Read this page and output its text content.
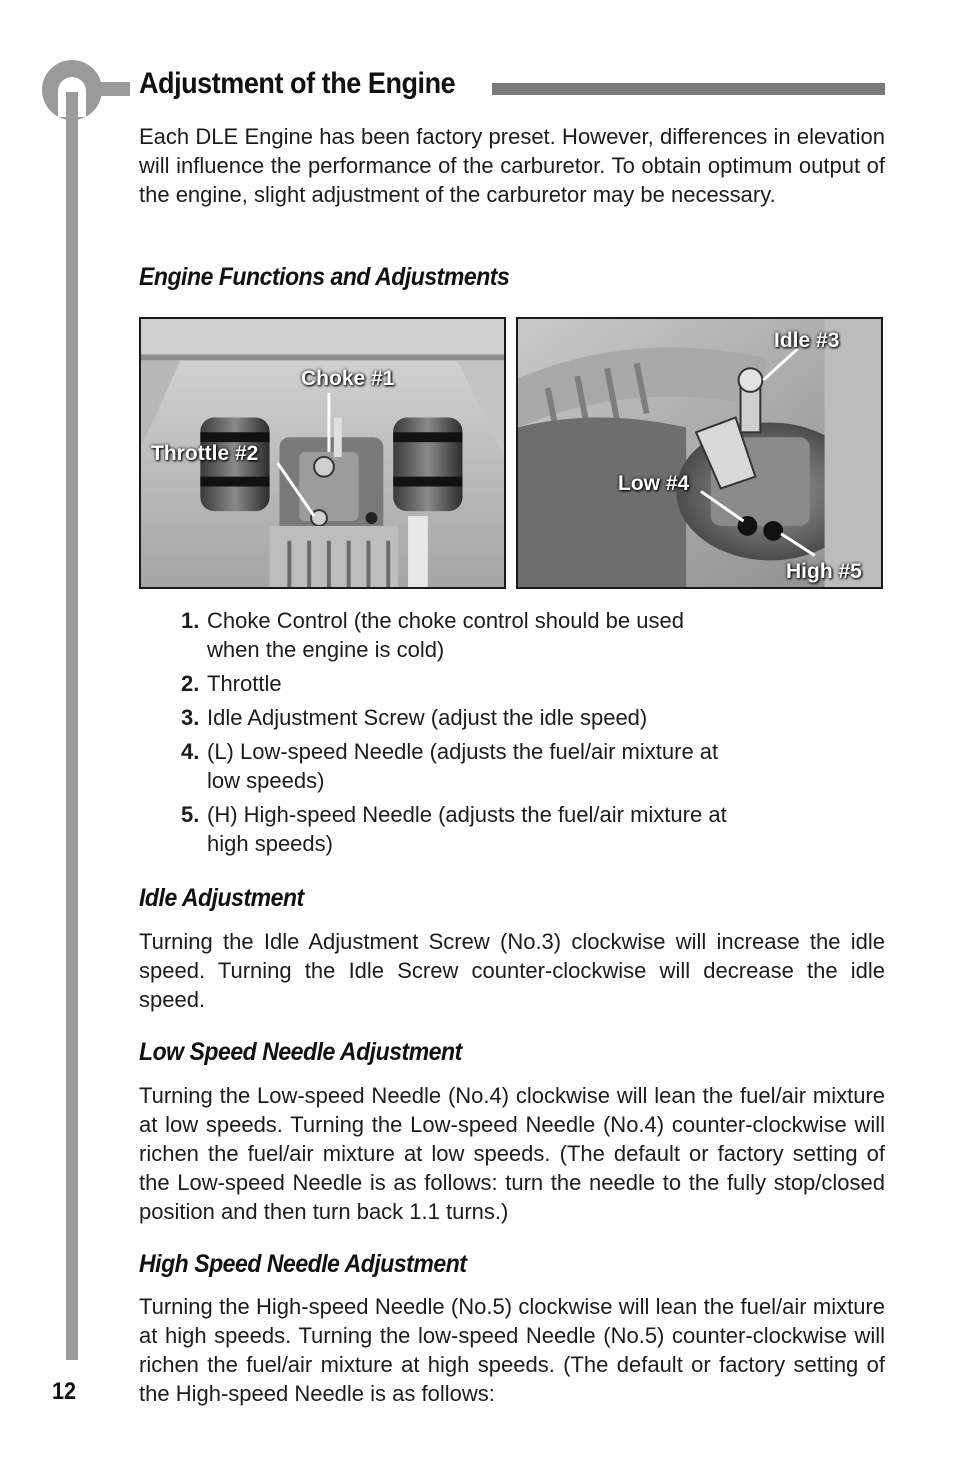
Adjustment of the Engine

Each DLE Engine has been factory preset. However, differences in elevation will influence the performance of the carburetor. To obtain optimum output of the engine, slight adjustment of the carburetor may be necessary.

Engine Functions and Adjustments
Choke #1
Throttle #2
Idle #3
Low #4
High #5
1. Choke Control (the choke control should be used when the engine is cold)
2. Throttle
3. Idle Adjustment Screw (adjust the idle speed)
4. (L) Low-speed Needle (adjusts the fuel/air mixture at low speeds)
5. (H) High-speed Needle (adjusts the fuel/air mixture at high speeds)
Idle Adjustment

Turning the Idle Adjustment Screw (No.3) clockwise will increase the idle speed. Turning the Idle Screw counter-clockwise will decrease the idle speed.

Low Speed Needle Adjustment

Turning the Low-speed Needle (No.4) clockwise will lean the fuel/air mixture at low speeds. Turning the Low-speed Needle (No.4) counter-clockwise will richen the fuel/air mixture at low speeds. (The default or factory setting of the Low-speed Needle is as follows: turn the needle to the fully stop/closed position and then turn back 1.1 turns.)

High Speed Needle Adjustment

Turning the High-speed Needle (No.5) clockwise will lean the fuel/air mixture at high speeds. Turning the low-speed Needle (No.5) counter-clockwise will richen the fuel/air mixture at high speeds. (The default or factory setting of the High-speed Needle is as follows:

12
